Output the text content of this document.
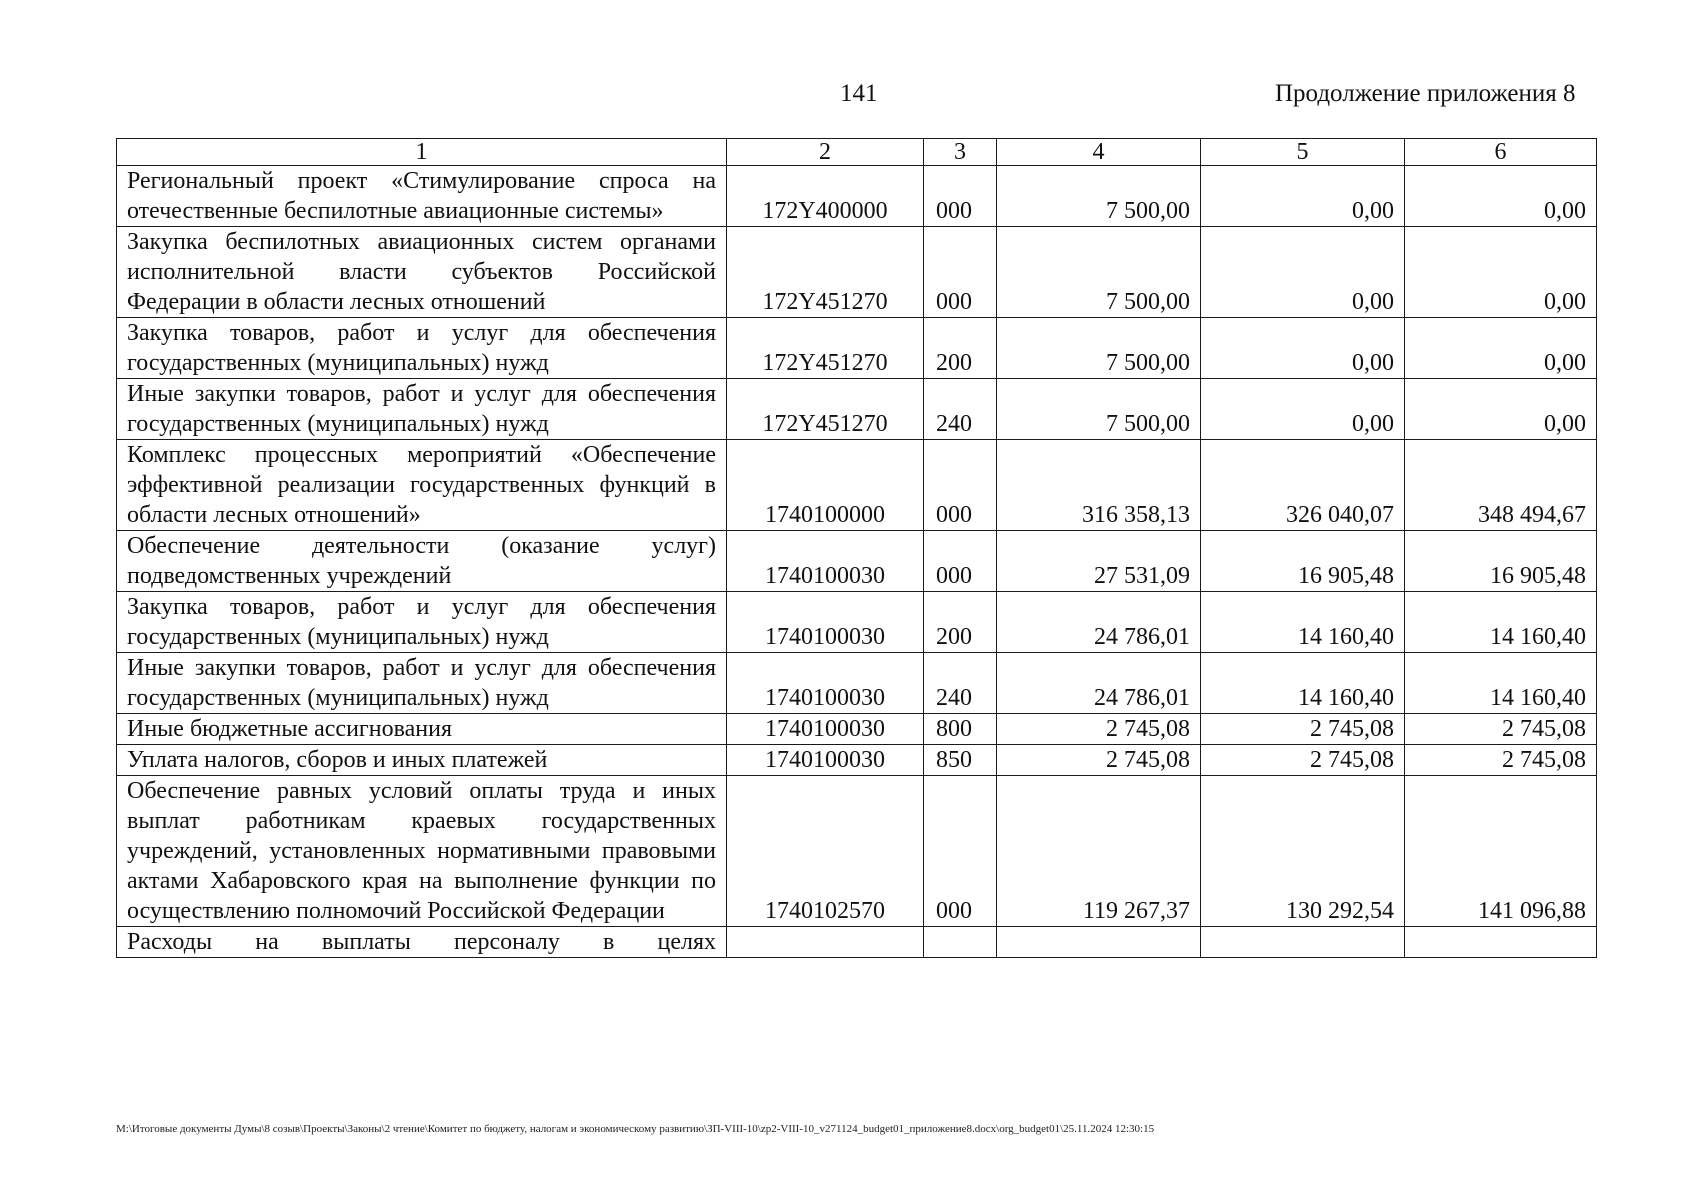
141	Продолжение приложения 8
1	2	3	4	5	6
Региональный проект «Стимулирование спроса на отечественные беспилотные авиационные системы»	172Y400000	000	7 500,00	0,00	0,00
Закупка беспилотных авиационных систем органами исполнительной власти субъектов Российской Федерации в области лесных отношений	172Y451270	000	7 500,00	0,00	0,00
Закупка товаров, работ и услуг для обеспечения государственных (муниципальных) нужд	172Y451270	200	7 500,00	0,00	0,00
Иные закупки товаров, работ и услуг для обеспечения государственных (муниципальных) нужд	172Y451270	240	7 500,00	0,00	0,00
Комплекс процессных мероприятий «Обеспечение эффективной реализации государственных функций в области лесных отношений»	1740100000	000	316 358,13	326 040,07	348 494,67
Обеспечение деятельности (оказание услуг) подведомственных учреждений	1740100030	000	27 531,09	16 905,48	16 905,48
Закупка товаров, работ и услуг для обеспечения государственных (муниципальных) нужд	1740100030	200	24 786,01	14 160,40	14 160,40
Иные закупки товаров, работ и услуг для обеспечения государственных (муниципальных) нужд	1740100030	240	24 786,01	14 160,40	14 160,40
Иные бюджетные ассигнования	1740100030	800	2 745,08	2 745,08	2 745,08
Уплата налогов, сборов и иных платежей	1740100030	850	2 745,08	2 745,08	2 745,08
Обеспечение равных условий оплаты труда и иных выплат работникам краевых государственных учреждений, установленных нормативными правовыми актами Хабаровского края на выполнение функции по осуществлению полномочий Российской Федерации	1740102570	000	119 267,37	130 292,54	141 096,88
Расходы на выплаты персоналу в целях					
M:\Итоговые документы Думы\8 созыв\Проекты\Законы\2 чтение\Комитет по бюджету, налогам и экономическому развитию\ЗП-VIII-10\zp2-VIII-10_v271124_budget01_приложение8.docx\org_budget01\25.11.2024 12:30:15
